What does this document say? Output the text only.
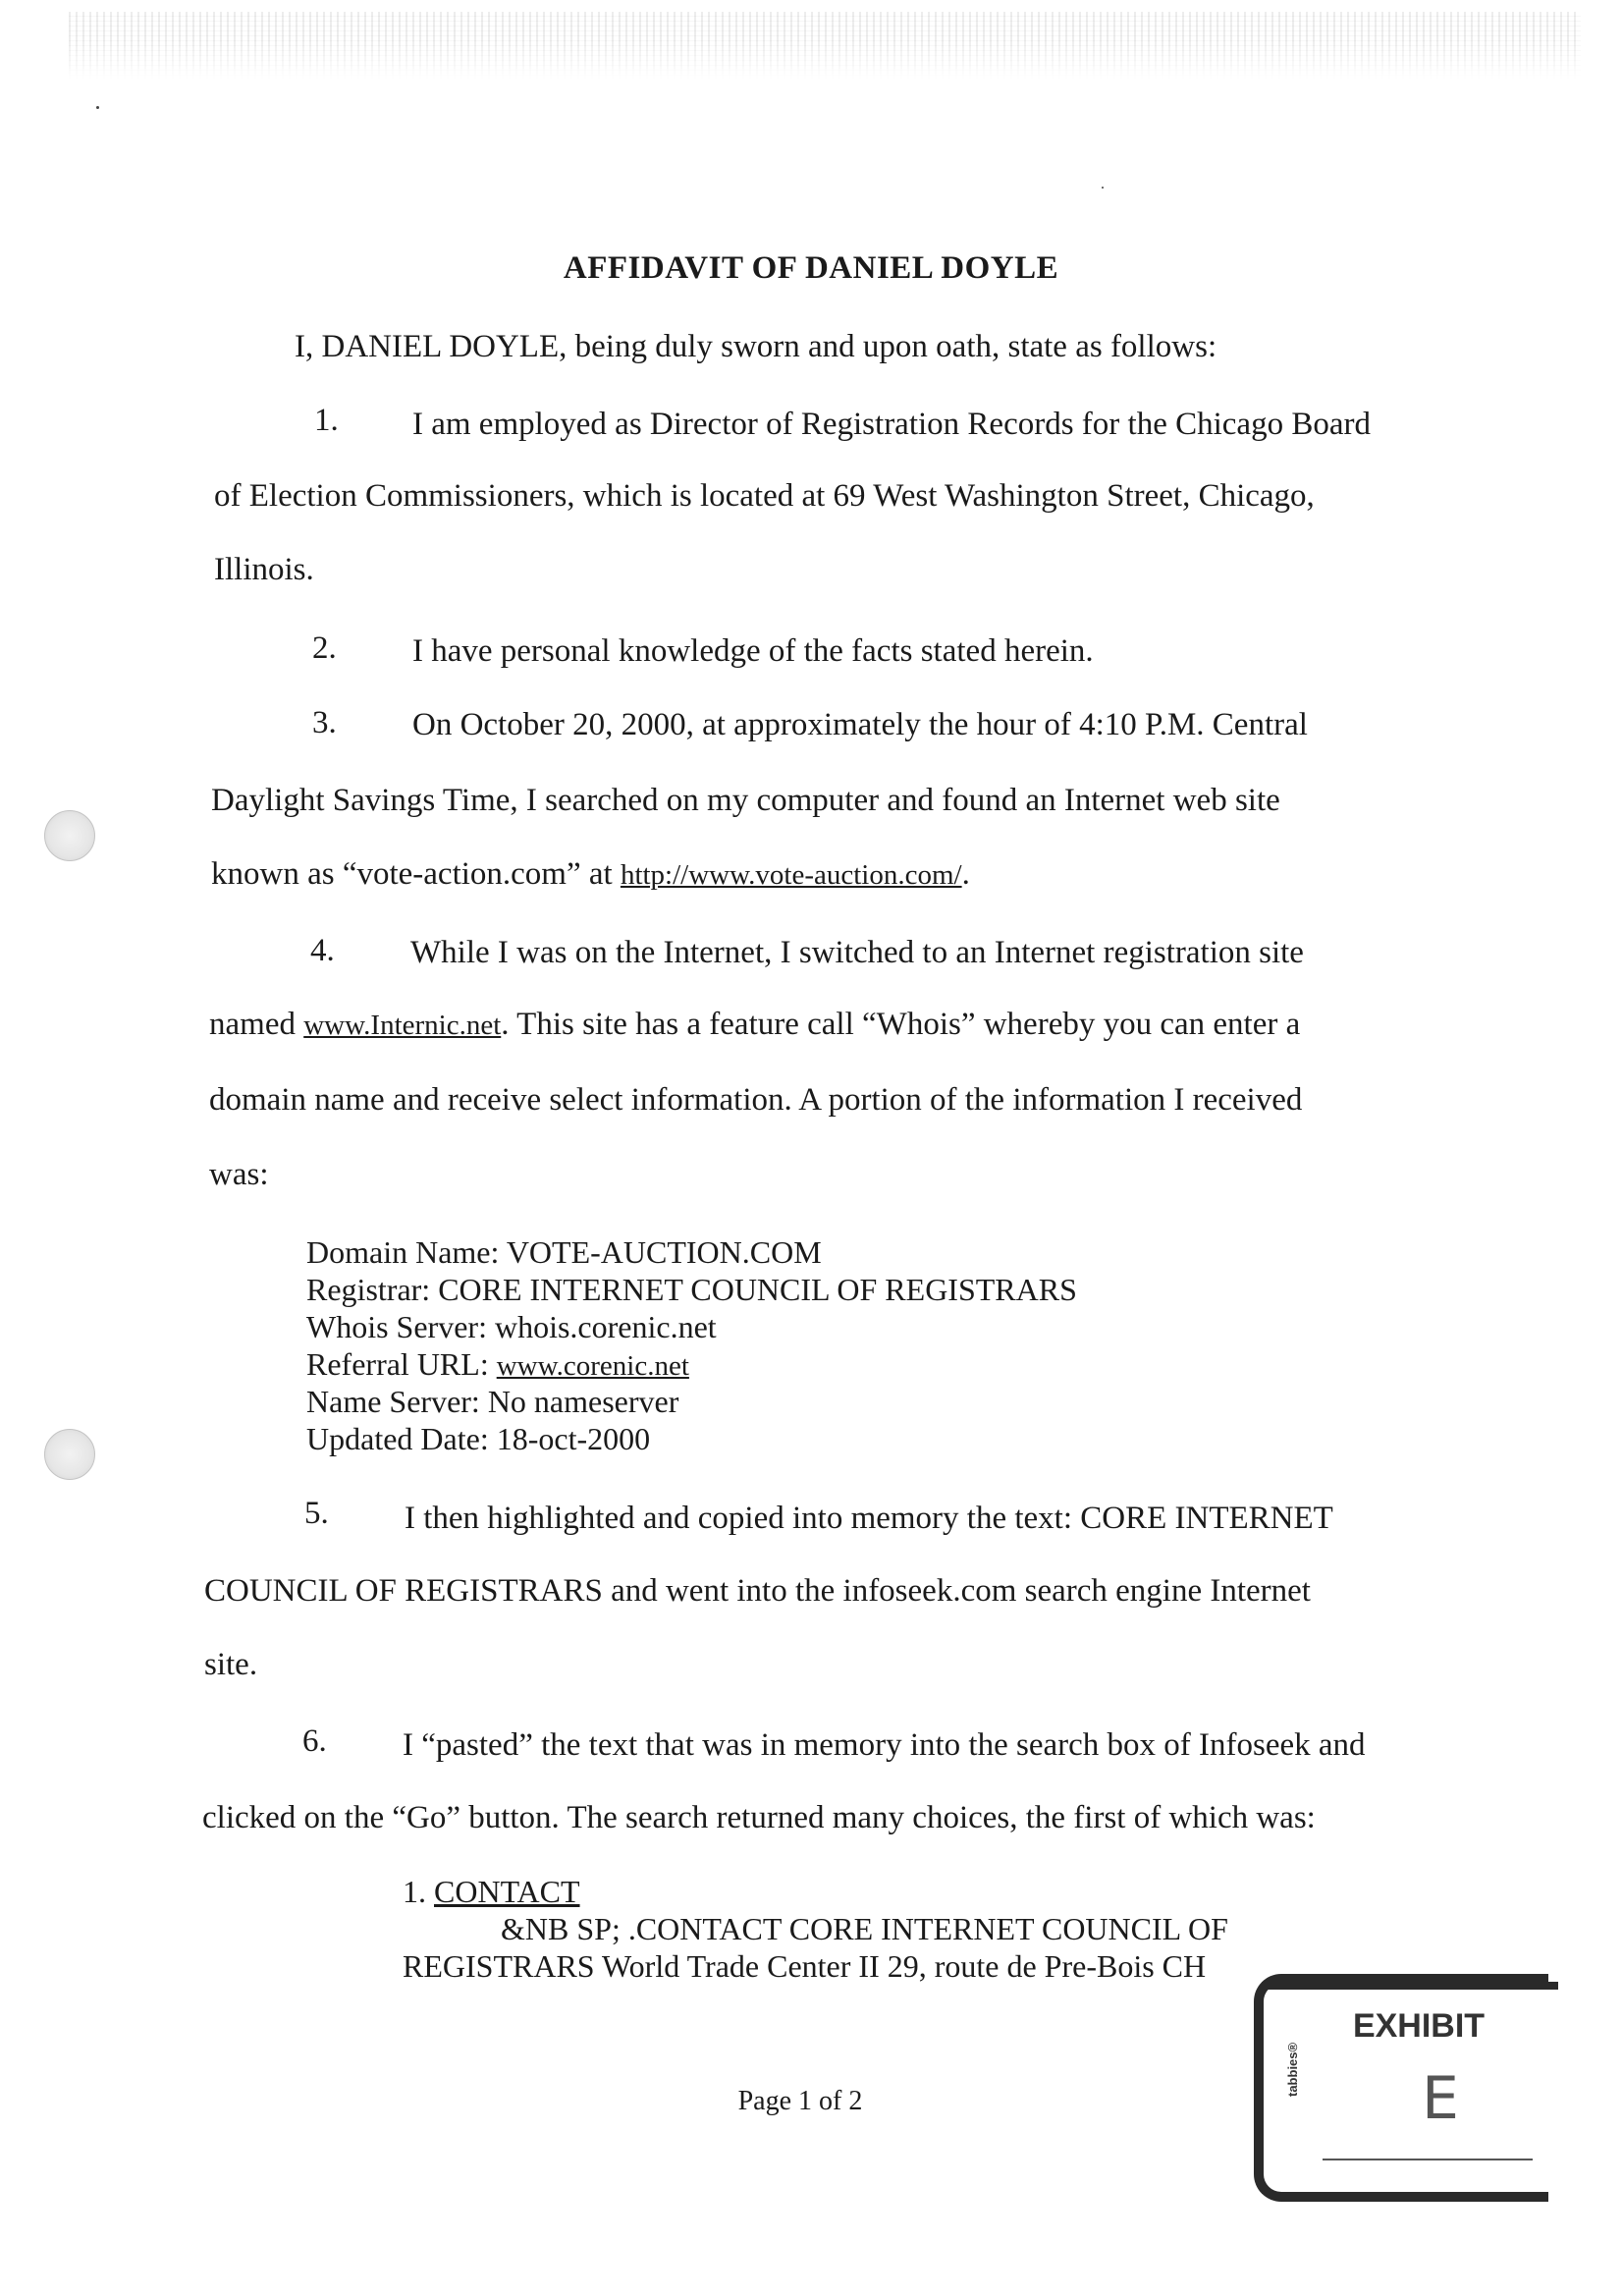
AFFIDAVIT OF DANIEL DOYLE
I, DANIEL DOYLE, being duly sworn and upon oath, state as follows:
1. I am employed as Director of Registration Records for the Chicago Board
of Election Commissioners, which is located at 69 West Washington Street, Chicago,
Illinois.
2. I have personal knowledge of the facts stated herein.
3. On October 20, 2000, at approximately the hour of 4:10 P.M. Central
Daylight Savings Time, I searched on my computer and found an Internet web site
known as “vote-action.com” at http://www.vote-auction.com/.
4. While I was on the Internet, I switched to an Internet registration site
named www.Internic.net. This site has a feature call “Whois” whereby you can enter a
domain name and receive select information. A portion of the information I received
was:
Domain Name: VOTE-AUCTION.COM
Registrar: CORE INTERNET COUNCIL OF REGISTRARS
Whois Server: whois.corenic.net
Referral URL: www.corenic.net
Name Server: No nameserver
Updated Date: 18-oct-2000
5. I then highlighted and copied into memory the text: CORE INTERNET
COUNCIL OF REGISTRARS and went into the infoseek.com search engine Internet
site.
6. I “pasted” the text that was in memory into the search box of Infoseek and
clicked on the “Go” button. The search returned many choices, the first of which was:
1. CONTACT
&NB SP; .CONTACT CORE INTERNET COUNCIL OF
REGISTRARS World Trade Center II 29, route de Pre-Bois CH
Page 1 of 2
EXHIBIT
tabbies®	E
